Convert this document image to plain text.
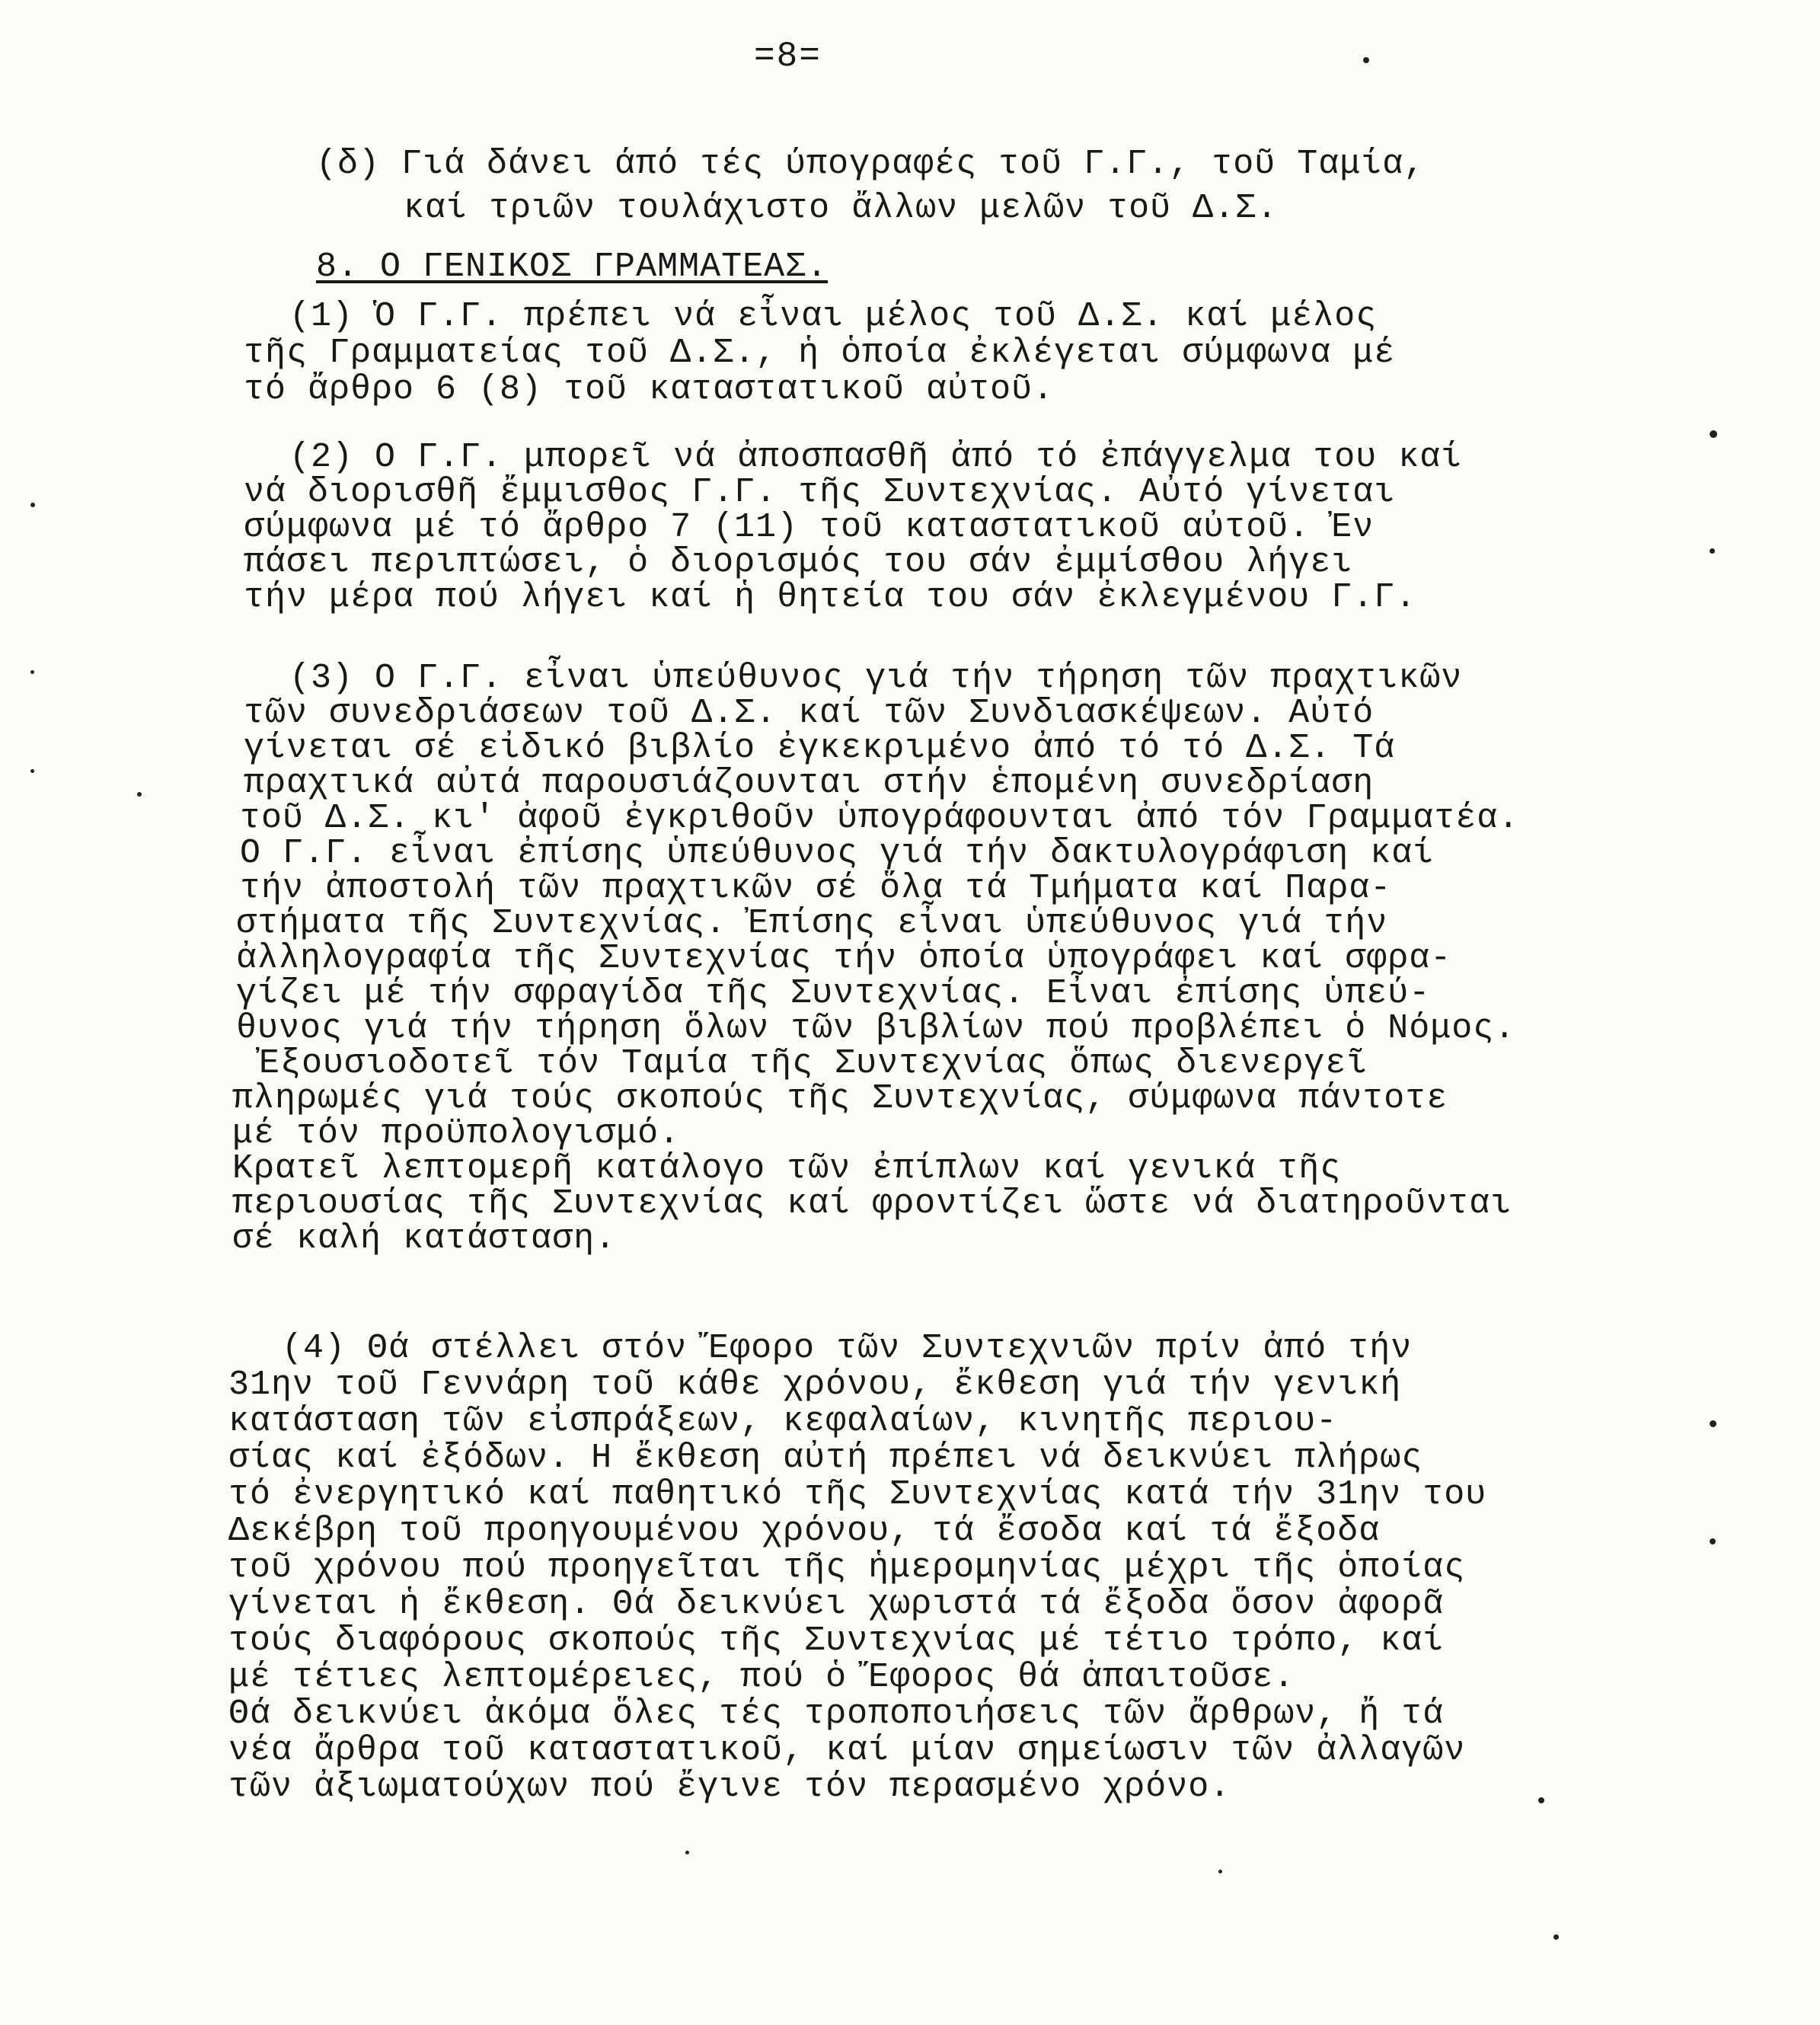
=8=
(δ) Γιά δάνει άπό τές ύπογραφές τοῦ Γ.Γ., τοῦ Ταμία,
καί τριῶν τουλάχιστο ἄλλων μελῶν τοῦ Δ.Σ.
8. Ο ΓΕΝΙΚΟΣ ΓΡΑΜΜΑΤΕΑΣ.
(1) Ὁ Γ.Γ. πρέπει νά εἶναι μέλος τοῦ Δ.Σ. καί μέλος
τῆς Γραμματείας τοῦ Δ.Σ., ἡ ὁποία ἐκλέγεται σύμφωνα μέ
τό ἄρθρο 6 (8) τοῦ καταστατικοῦ αὐτοῦ.
(2) Ο Γ.Γ. μπορεῖ νά ἀποσπασθῆ ἀπό τό ἐπάγγελμα του καί
νά διορισθῆ ἔμμισθος Γ.Γ. τῆς Συντεχνίας. Αὐτό γίνεται
σύμφωνα μέ τό ἄρθρο 7 (11) τοῦ καταστατικοῦ αὐτοῦ. Ἐν
πάσει περιπτώσει, ὁ διορισμός του σάν ἐμμίσθου λήγει
τήν μέρα πού λήγει καί ἡ θητεία του σάν ἐκλεγμένου Γ.Γ.
(3) Ο Γ.Γ. εἶναι ὑπεύθυνος γιά τήν τήρηση τῶν πραχτικῶν
τῶν συνεδριάσεων τοῦ Δ.Σ. καί τῶν Συνδιασκέψεων. Αὐτό
γίνεται σέ εἰδικό βιβλίο ἐγκεκριμένο ἀπό τό τό Δ.Σ. Τά
πραχτικά αὐτά παρουσιάζουνται στήν ἑπομένη συνεδρίαση
τοῦ Δ.Σ. κι' ἀφοῦ ἐγκριθοῦν ὑπογράφουνται ἀπό τόν Γραμματέα.
Ο Γ.Γ. εἶναι ἐπίσης ὑπεύθυνος γιά τήν δακτυλογράφιση καί
τήν ἀποστολή τῶν πραχτικῶν σέ ὅλα τά Τμήματα καί Παρα-
στήματα τῆς Συντεχνίας. Ἐπίσης εἶναι ὑπεύθυνος γιά τήν
ἀλληλογραφία τῆς Συντεχνίας τήν ὁποία ὑπογράφει καί σφρα-
γίζει μέ τήν σφραγίδα τῆς Συντεχνίας. Εἶναι ἐπίσης ὑπεύ-
θυνος γιά τήν τήρηση ὅλων τῶν βιβλίων πού προβλέπει ὁ Νόμος.
Ἐξουσιοδοτεῖ τόν Ταμία τῆς Συντεχνίας ὅπως διενεργεῖ
πληρωμές γιά τούς σκοπούς τῆς Συντεχνίας, σύμφωνα πάντοτε
μέ τόν προϋπολογισμό.
Κρατεῖ λεπτομερῆ κατάλογο τῶν ἐπίπλων καί γενικά τῆς
περιουσίας τῆς Συντεχνίας καί φροντίζει ὥστε νά διατηροῦνται
σέ καλή κατάσταση.
(4) Θά στέλλει στόν Ἔφορο τῶν Συντεχνιῶν πρίν ἀπό τήν
31ην τοῦ Γεννάρη τοῦ κάθε χρόνου, ἔκθεση γιά τήν γενική
κατάσταση τῶν εἰσπράξεων, κεφαλαίων, κινητῆς περιου-
σίας καί ἐξόδων. Η ἔκθεση αὐτή πρέπει νά δεικνύει πλήρως
τό ἐνεργητικό καί παθητικό τῆς Συντεχνίας κατά τήν 31ην του
Δεκέβρη τοῦ προηγουμένου χρόνου, τά ἔσοδα καί τά ἔξοδα
τοῦ χρόνου πού προηγεῖται τῆς ἡμερομηνίας μέχρι τῆς ὁποίας
γίνεται ἡ ἔκθεση. Θά δεικνύει χωριστά τά ἔξοδα ὅσον ἀφορᾶ
τούς διαφόρους σκοπούς τῆς Συντεχνίας μέ τέτιο τρόπο, καί
μέ τέτιες λεπτομέρειες, πού ὁ Ἔφορος θά ἀπαιτοῦσε.
Θά δεικνύει ἀκόμα ὅλες τές τροποποιήσεις τῶν ἄρθρων, ἤ τά
νέα ἄρθρα τοῦ καταστατικοῦ, καί μίαν σημείωσιν τῶν ἀλλαγῶν
τῶν ἀξιωματούχων πού ἔγινε τόν περασμένο χρόνο.
